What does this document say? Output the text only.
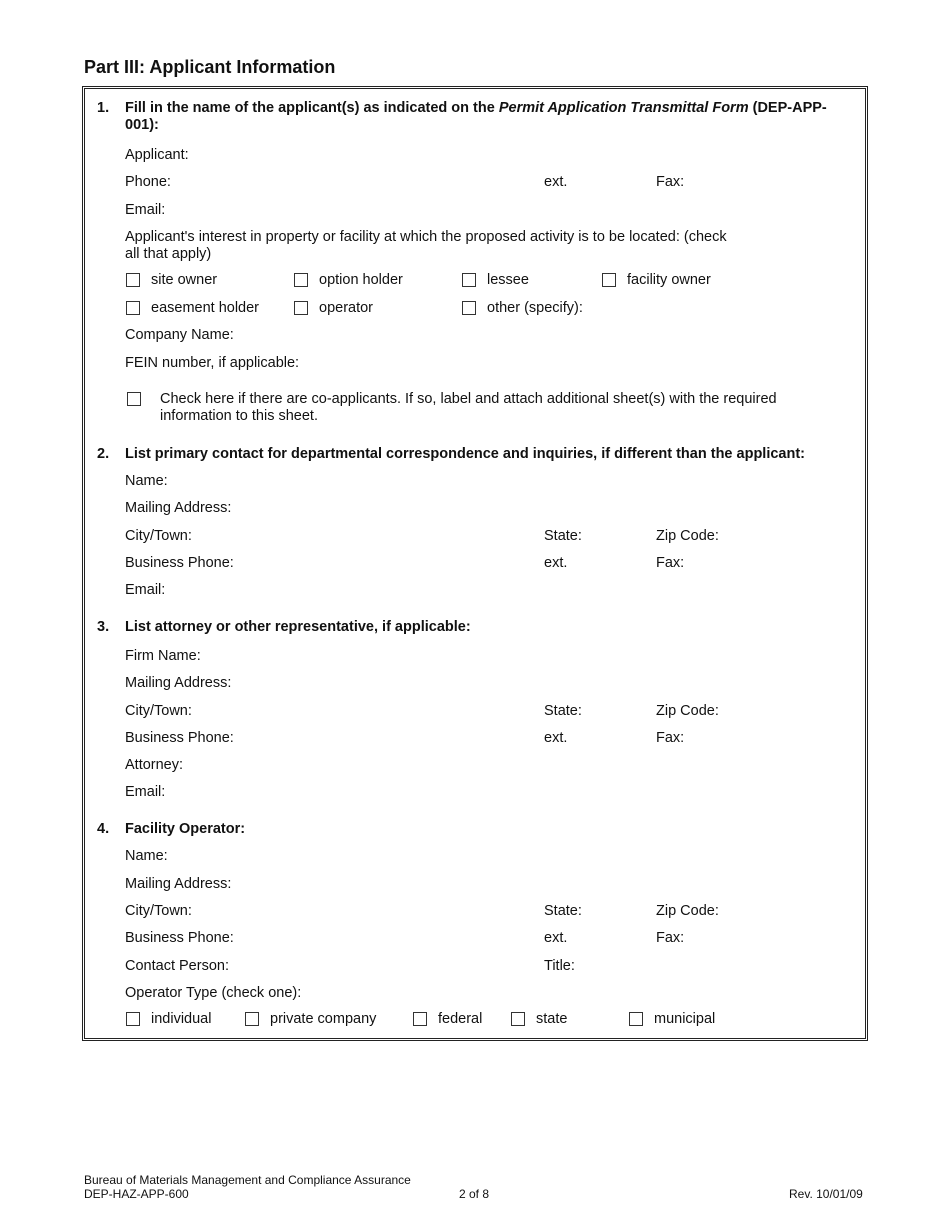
Part III: Applicant Information
1. Fill in the name of the applicant(s) as indicated on the Permit Application Transmittal Form (DEP-APP-001):
Applicant:
Phone:	ext.	Fax:
Email:
Applicant's interest in property or facility at which the proposed activity is to be located: (check all that apply)
site owner	option holder	lessee	facility owner
easement holder	operator	other (specify):
Company Name:
FEIN number, if applicable:
Check here if there are co-applicants. If so, label and attach additional sheet(s) with the required information to this sheet.
2. List primary contact for departmental correspondence and inquiries, if different than the applicant:
Name:
Mailing Address:
City/Town:	State:	Zip Code:
Business Phone:	ext.	Fax:
Email:
3. List attorney or other representative, if applicable:
Firm Name:
Mailing Address:
City/Town:	State:	Zip Code:
Business Phone:	ext.	Fax:
Attorney:
Email:
4. Facility Operator:
Name:
Mailing Address:
City/Town:	State:	Zip Code:
Business Phone:	ext.	Fax:
Contact Person:	Title:
Operator Type (check one):
individual	private company	federal	state	municipal
Bureau of Materials Management and Compliance Assurance
DEP-HAZ-APP-600	2 of 8	Rev. 10/01/09
